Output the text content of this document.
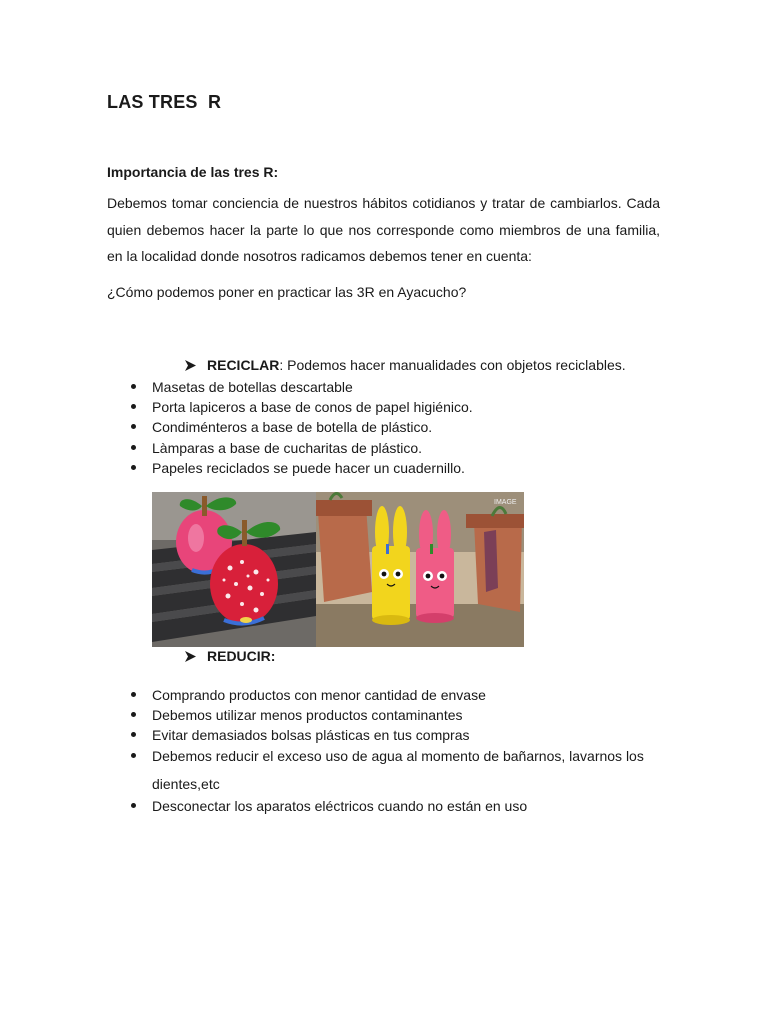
LAS TRES  R

Importancia de las tres R:

Debemos tomar conciencia de nuestros hábitos cotidianos y tratar de cambiarlos. Cada quien debemos hacer la parte lo que nos corresponde como miembros de una familia, en la localidad donde nosotros radicamos debemos tener en cuenta:

¿Cómo podemos poner en practicar las 3R en Ayacucho?

RECICLAR : Podemos hacer manualidades con objetos reciclables.
Masetas de botellas descartable
Porta lapiceros a base de conos de papel higiénico.
Condiménteros a base de botella de plástico.
Làmparas a base de cucharitas de plástico.
Papeles reciclados se puede hacer un cuadernillo.
IMAGE
REDUCIR:
Comprando productos con menor cantidad de envase
Debemos utilizar menos productos contaminantes
Evitar demasiados bolsas plásticas en tus compras
Debemos reducir el exceso uso de agua al momento de bañarnos, lavarnos los dientes,etc
Desconectar los aparatos eléctricos cuando no están en uso
